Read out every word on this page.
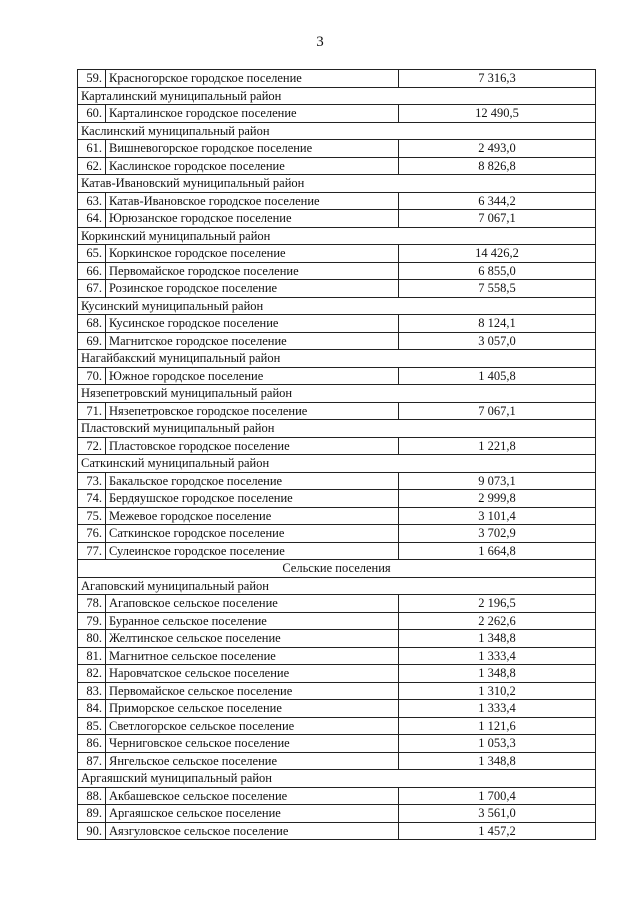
3
59.	Красногорское городское поселение	7 316,3
Карталинский муниципальный район		
60.	Карталинское городское поселение	12 490,5
Каслинский муниципальный район		
61.	Вишневогорское городское поселение	2 493,0
62.	Каслинское городское поселение	8 826,8
Катав-Ивановский муниципальный район		
63.	Катав-Ивановское городское поселение	6 344,2
64.	Юрюзанское городское поселение	7 067,1
Коркинский муниципальный район		
65.	Коркинское городское поселение	14 426,2
66.	Первомайское городское поселение	6 855,0
67.	Розинское городское поселение	7 558,5
Кусинский муниципальный район		
68.	Кусинское городское поселение	8 124,1
69.	Магнитское городское поселение	3 057,0
Нагайбакский муниципальный район		
70.	Южное городское поселение	1 405,8
Нязепетровский муниципальный район		
71.	Нязепетровское городское поселение	7 067,1
Пластовский муниципальный район		
72.	Пластовское городское поселение	1 221,8
Саткинский муниципальный район		
73.	Бакальское городское поселение	9 073,1
74.	Бердяушское городское поселение	2 999,8
75.	Межевое городское поселение	3 101,4
76.	Саткинское городское поселение	3 702,9
77.	Сулеинское городское поселение	1 664,8
Сельские поселения		
Агаповский муниципальный район		
78.	Агаповское сельское поселение	2 196,5
79.	Буранное сельское поселение	2 262,6
80.	Желтинское сельское поселение	1 348,8
81.	Магнитное сельское поселение	1 333,4
82.	Наровчатское сельское поселение	1 348,8
83.	Первомайское сельское поселение	1 310,2
84.	Приморское сельское поселение	1 333,4
85.	Светлогорское сельское поселение	1 121,6
86.	Черниговское сельское поселение	1 053,3
87.	Янгельское сельское поселение	1 348,8
Аргаяшский муниципальный район		
88.	Акбашевское сельское поселение	1 700,4
89.	Аргаяшское сельское поселение	3 561,0
90.	Аязгуловское сельское поселение	1 457,2
